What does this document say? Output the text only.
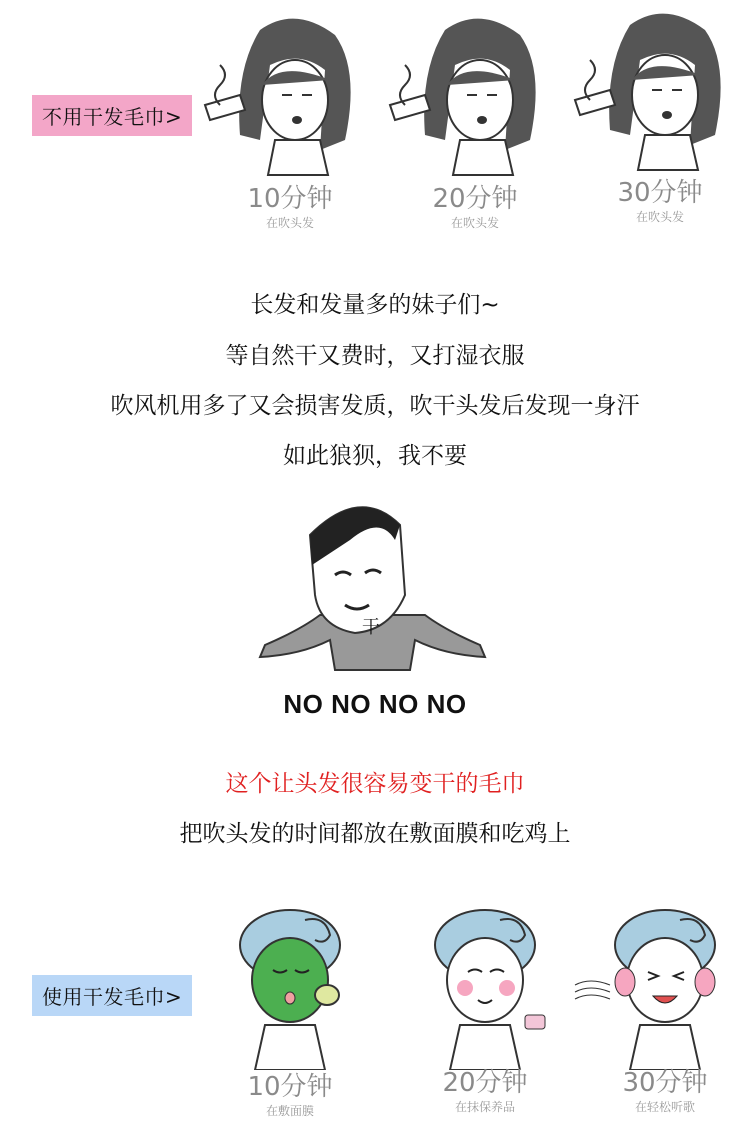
不用干发毛巾>
10分钟
在吹头发
20分钟
在吹头发
30分钟
在吹头发
长发和发量多的妹子们~
等自然干又费时，又打湿衣服
吹风机用多了又会损害发质，吹干头发后发现一身汗
如此狼狈，我不要
干
NO NO NO NO
这个让头发很容易变干的毛巾
把吹头发的时间都放在敷面膜和吃鸡上
使用干发毛巾>
10分钟
在敷面膜
20分钟
在抹保养品
30分钟
在轻松听歌
